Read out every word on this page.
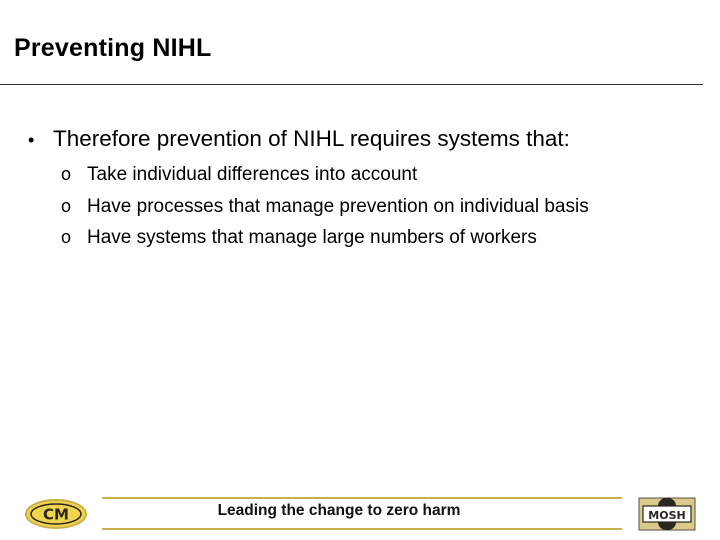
Preventing NIHL

• Therefore prevention of NIHL requires systems that:

o Take individual differences into account
o Have processes that manage prevention on individual basis
o Have systems that manage large numbers of workers
CM	Leading the change to zero harm	MOSH
